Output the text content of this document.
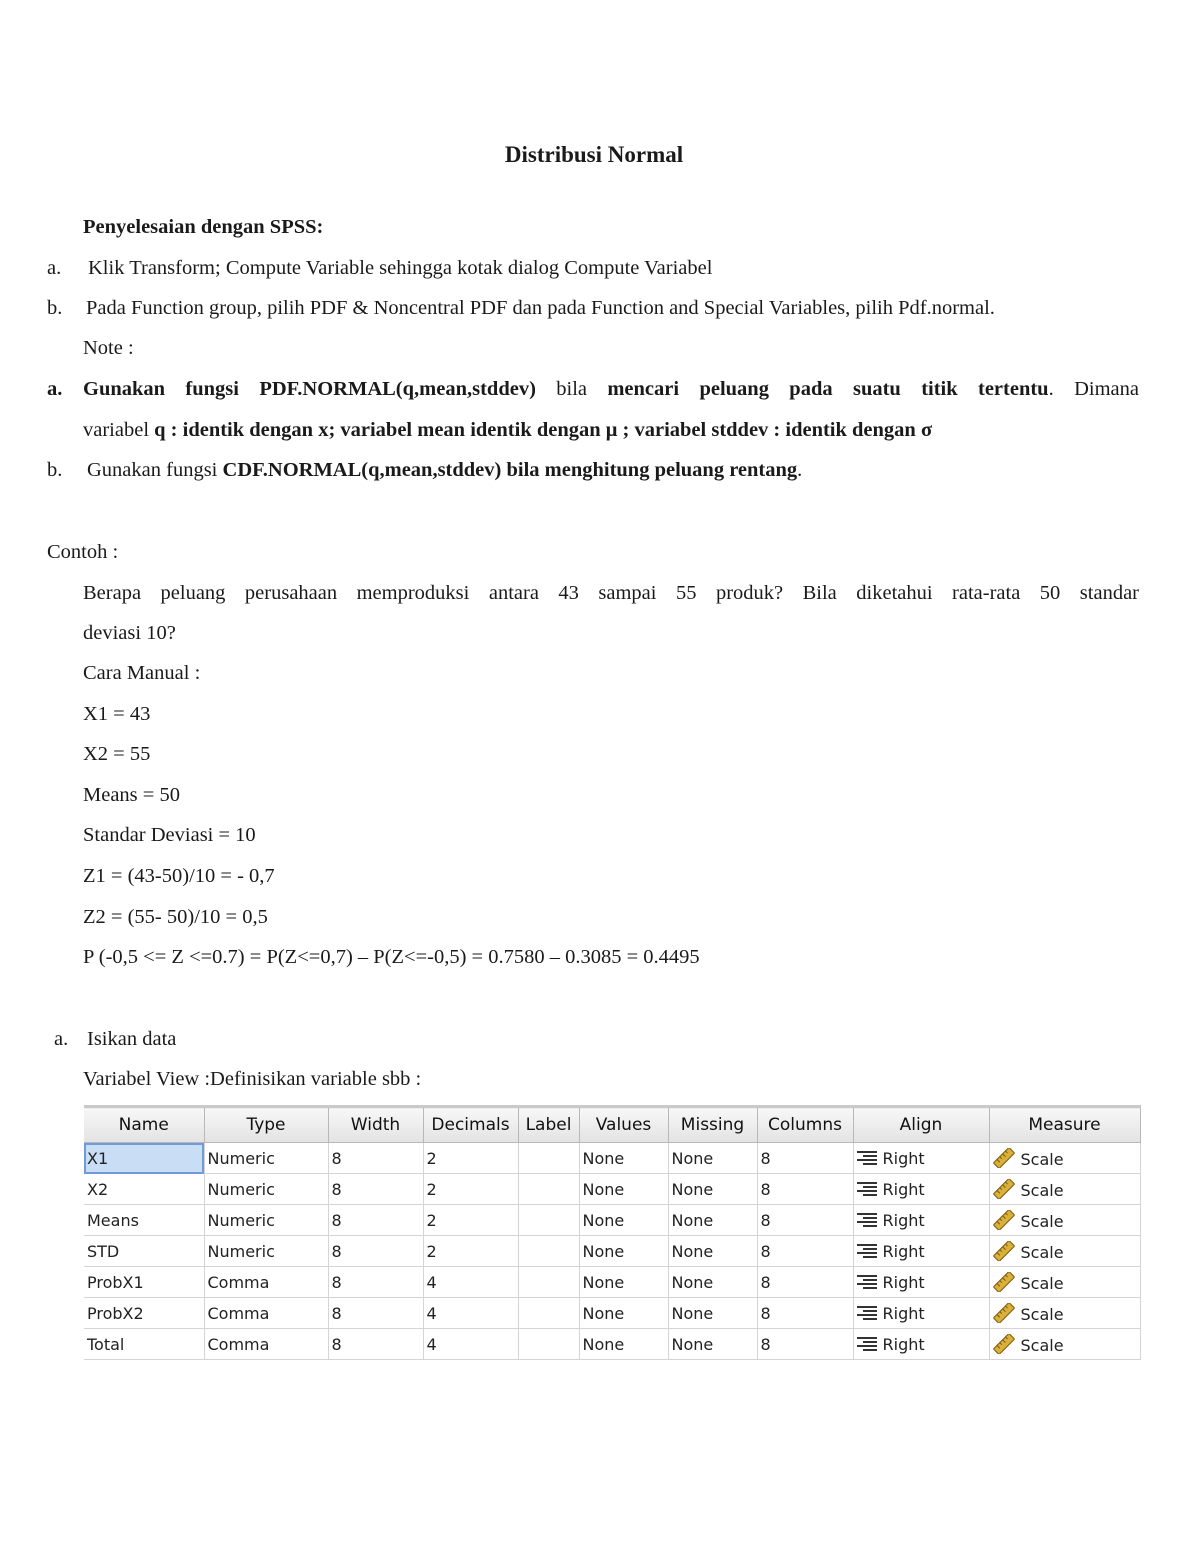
Distribusi Normal
Penyelesaian dengan SPSS:
a. Klik Transform; Compute Variable sehingga kotak dialog Compute Variabel
b. Pada Function group, pilih PDF & Noncentral PDF dan pada Function and Special Variables, pilih Pdf.normal.
Note :
a. Gunakan fungsi PDF.NORMAL(q,mean,stddev) bila mencari peluang pada suatu titik tertentu. Dimana
variabel q : identik dengan x; variabel mean identik dengan μ ; variabel stddev : identik dengan σ
b. Gunakan fungsi CDF.NORMAL(q,mean,stddev) bila menghitung peluang rentang.
Contoh :
Berapa peluang perusahaan memproduksi antara 43 sampai 55 produk? Bila diketahui rata-rata 50 standar
deviasi 10?
Cara Manual :
X1 = 43
X2 = 55
Means = 50
Standar Deviasi = 10
Z1 = (43-50)/10 = - 0,7
Z2 = (55- 50)/10 = 0,5
P (-0,5 <= Z <=0.7) = P(Z<=0,7) – P(Z<=-0,5) = 0.7580 – 0.3085 = 0.4495
a. Isikan data
Variabel View :Definisikan variable sbb :
Name	Type	Width	Decimals	Label	Values	Missing	Columns	Align	Measure
X1	Numeric	8	2		None	None	8	Right	Scale
X2	Numeric	8	2		None	None	8	Right	Scale
Means	Numeric	8	2		None	None	8	Right	Scale
STD	Numeric	8	2		None	None	8	Right	Scale
ProbX1	Comma	8	4		None	None	8	Right	Scale
ProbX2	Comma	8	4		None	None	8	Right	Scale
Total	Comma	8	4		None	None	8	Right	Scale
